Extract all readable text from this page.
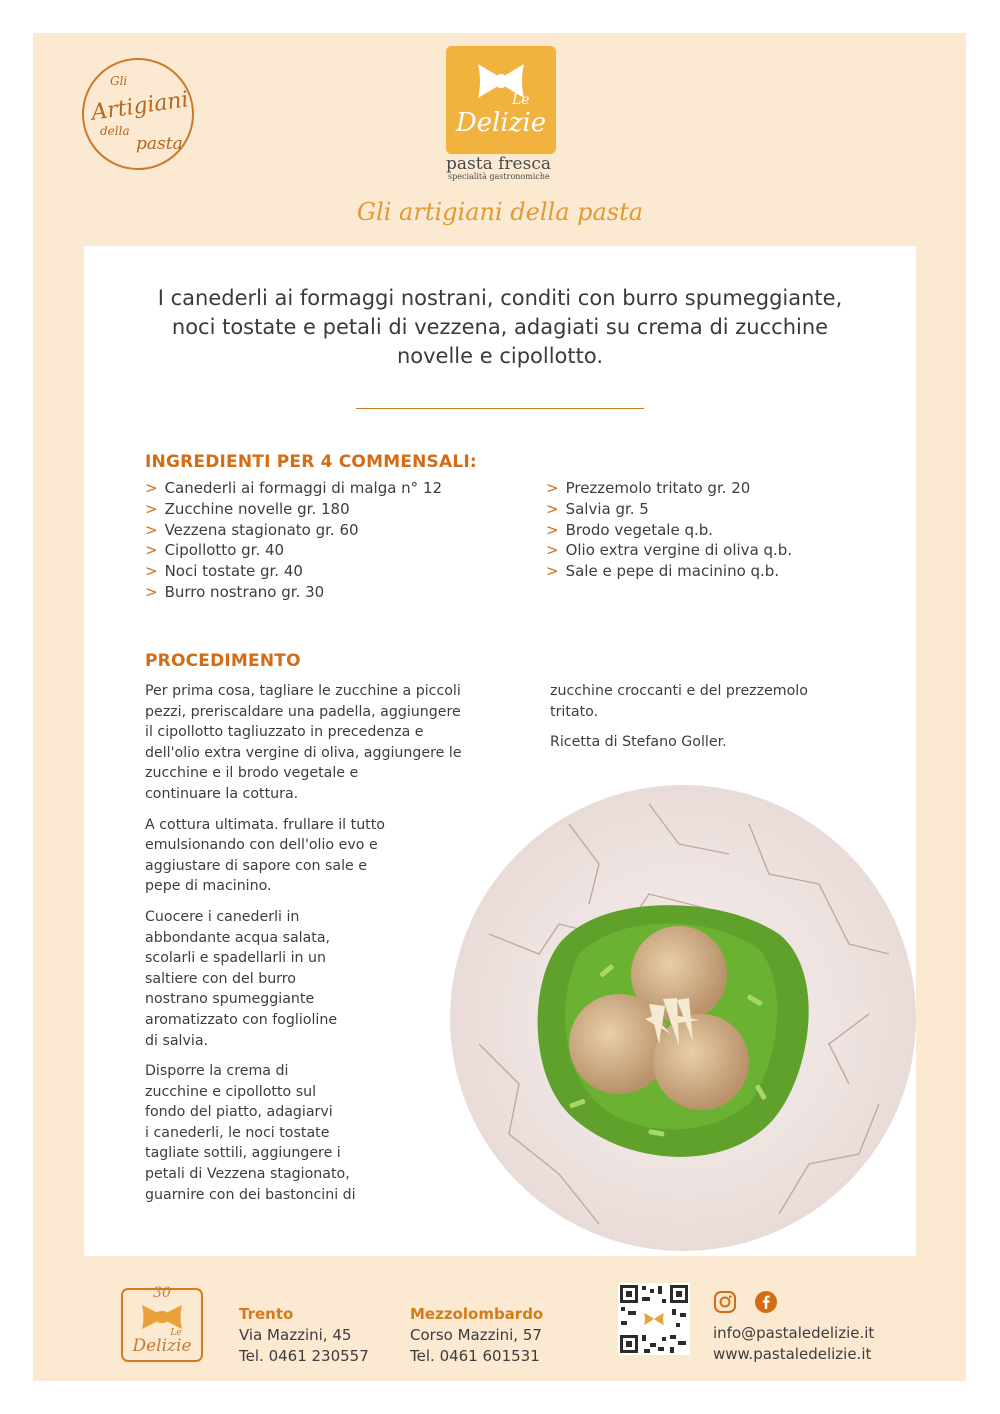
Gli
Artigiani
della
pasta
Le
Delizie
pasta fresca
specialità gastronomiche
Gli artigiani della pasta
I canederli ai formaggi nostrani, conditi con burro spumeggiante, noci tostate e petali di vezzena, adagiati su crema di zucchine novelle e cipollotto.
INGREDIENTI PER 4 COMMENSALI:
> Canederli ai formaggi di malga n° 12
> Zucchine novelle gr. 180
> Vezzena stagionato gr. 60
> Cipollotto gr. 40
> Noci tostate gr. 40
> Burro nostrano gr. 30
> Prezzemolo tritato gr. 20
> Salvia gr. 5
> Brodo vegetale q.b.
> Olio extra vergine di oliva q.b.
> Sale e pepe di macinino q.b.
PROCEDIMENTO

Per prima cosa, tagliare le zucchine a piccoli
pezzi, preriscaldare una padella, aggiungere
il cipollotto tagliuzzato in precedenza e
dell'olio extra vergine di oliva, aggiungere le
zucchine e il brodo vegetale e
continuare la cottura.

A cottura ultimata. frullare il tutto
emulsionando con dell'olio evo e
aggiustare di sapore con sale e
pepe di macinino.

Cuocere i canederli in
abbondante acqua salata,
scolarli e spadellarli in un
saltiere con del burro
nostrano spumeggiante
aromatizzato con foglioline
di salvia.

Disporre la crema di
zucchine e cipollotto sul
fondo del piatto, adagiarvi
i canederli, le noci tostate
tagliate sottili, aggiungere i
petali di Vezzena stagionato,
guarnire con dei bastoncini di

zucchine croccanti e del prezzemolo
tritato.

Ricetta di Stefano Goller.

30
Le
Delizie
Trento
Via Mazzini, 45
Tel. 0461 230557
Mezzolombardo
Corso Mazzini, 57
Tel. 0461 601531

info@pastaledelizie.it
www.pastaledelizie.it
